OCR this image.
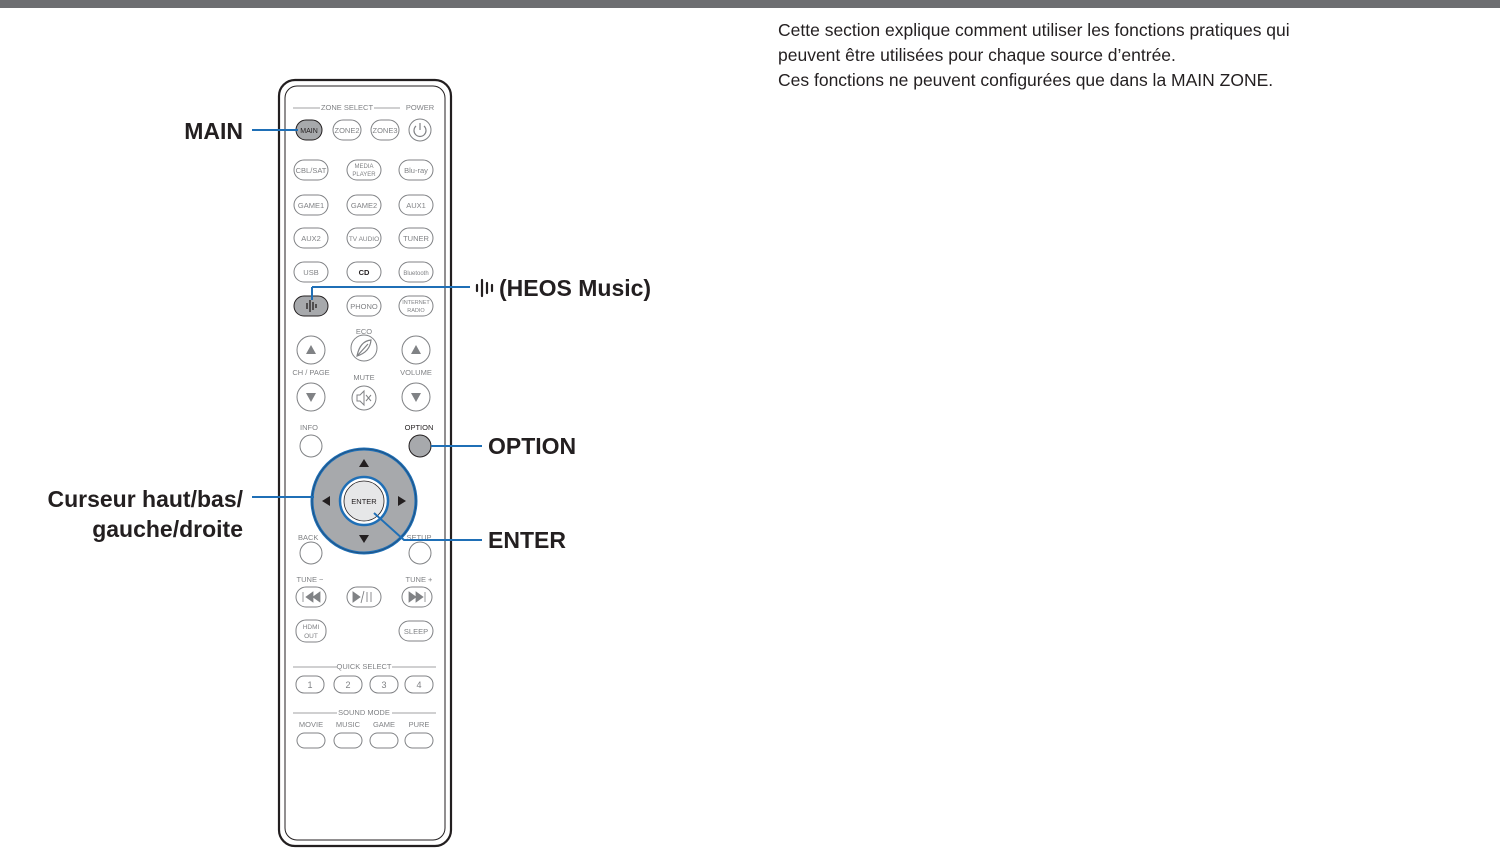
Cette section explique comment utiliser les fonctions pratiques qui

peuvent être utilisées pour chaque source d’entrée.

Ces fonctions ne peuvent configurées que dans la MAIN ZONE.

ZONE SELECT	POWER
MAIN ZONE2 ZONE3
CBL/SAT	MEDIA
PLAYER	Blu-ray
GAME1	GAME2	AUX1
AUX2	TV AUDIO	TUNER
USB	CD	Bluetooth
PHONO	INTERNET
RADIO
ECO
CH / PAGE
MUTE
VOLUME
INFO	OPTION
ENTER
BACK	SETUP
TUNE −	TUNE +
HDMI
OUT
SLEEP
QUICK SELECT
1	2	3	4
SOUND MODE
MOVIE MUSIC GAME PURE
MAIN
(HEOS Music)
OPTION
Curseur haut/bas/
gauche/droite	ENTER
